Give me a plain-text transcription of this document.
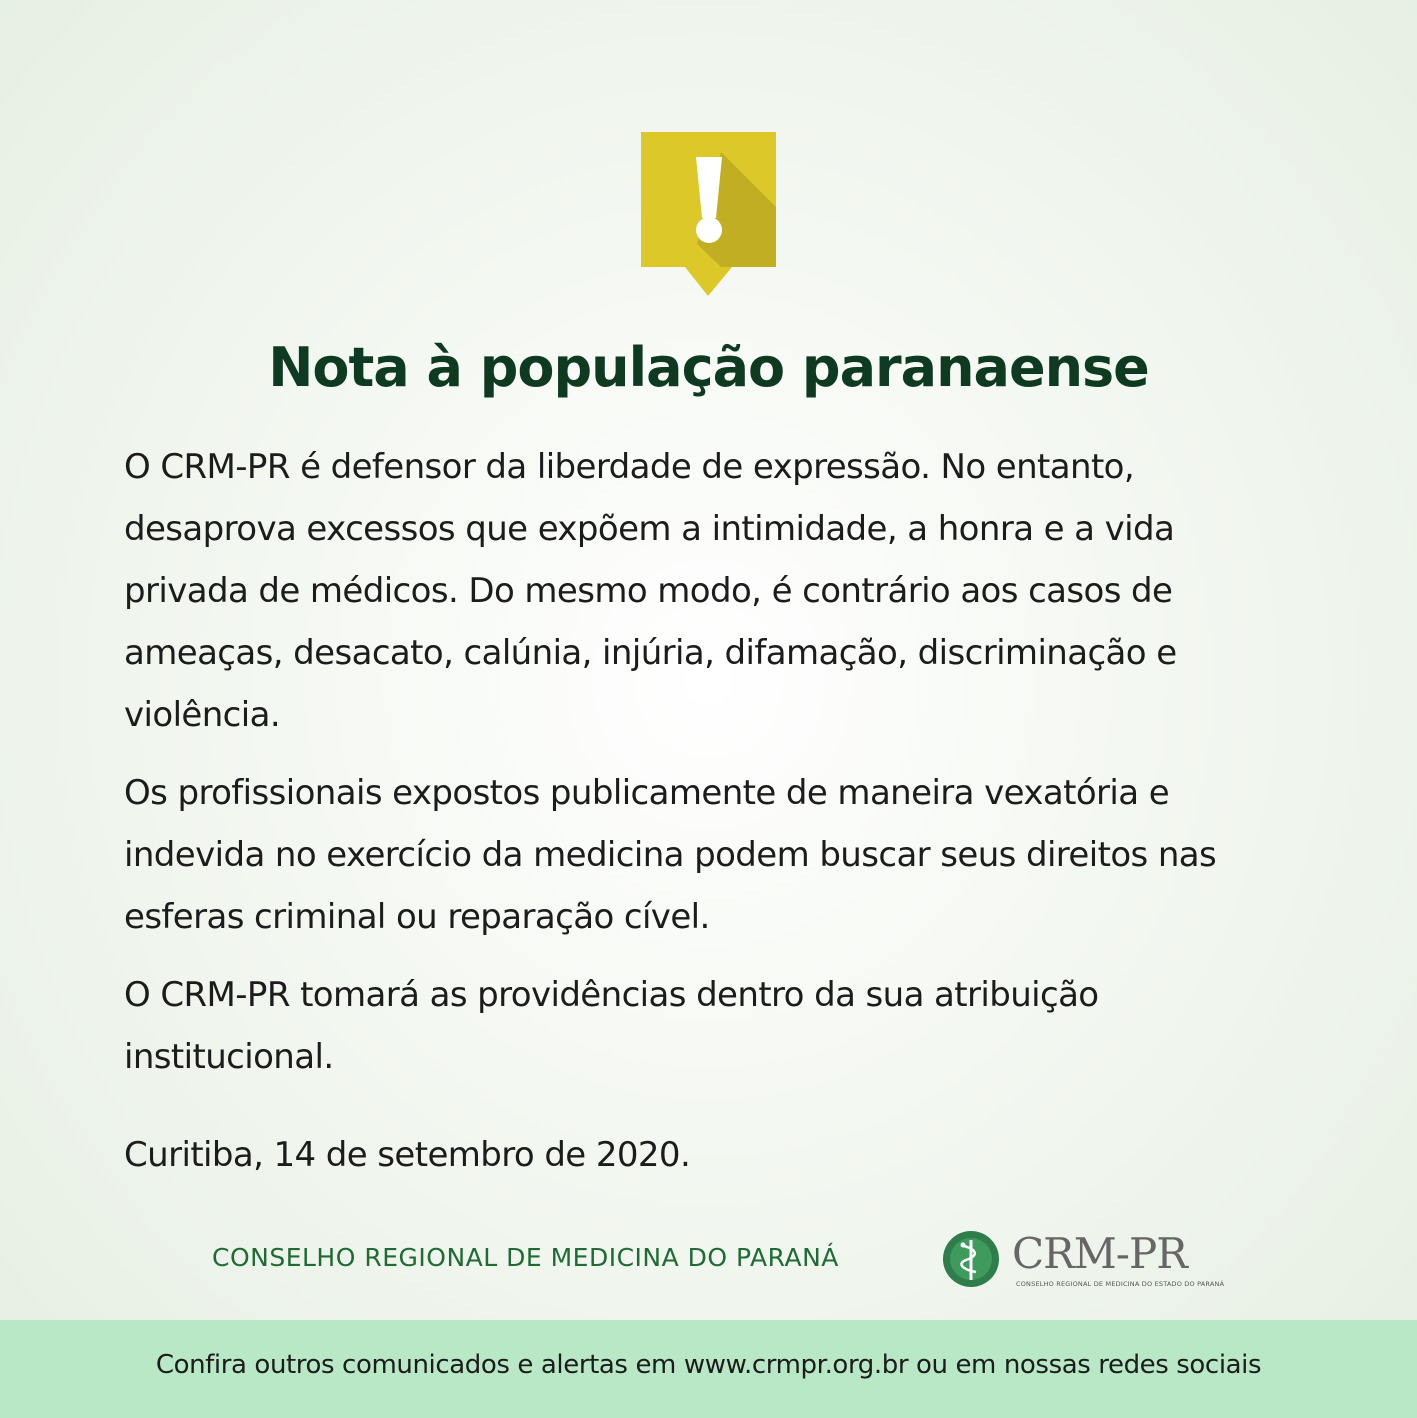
Nota à população paranaense

O CRM-PR é defensor da liberdade de expressão. No entanto, desaprova excessos que expõem a intimidade, a honra e a vida privada de médicos. Do mesmo modo, é contrário aos casos de ameaças, desacato, calúnia, injúria, difamação, discriminação e violência.

Os profissionais expostos publicamente de maneira vexatória e indevida no exercício da medicina podem buscar seus direitos nas esferas criminal ou reparação cível.

O CRM-PR tomará as providências dentro da sua atribuição institucional.

Curitiba, 14 de setembro de 2020.

CONSELHO REGIONAL DE MEDICINA DO PARANÁ	CRM-PR
CONSELHO REGIONAL DE MEDICINA DO ESTADO DO PARANÁ
Confira outros comunicados e alertas em www.crmpr.org.br ou em nossas redes sociais
